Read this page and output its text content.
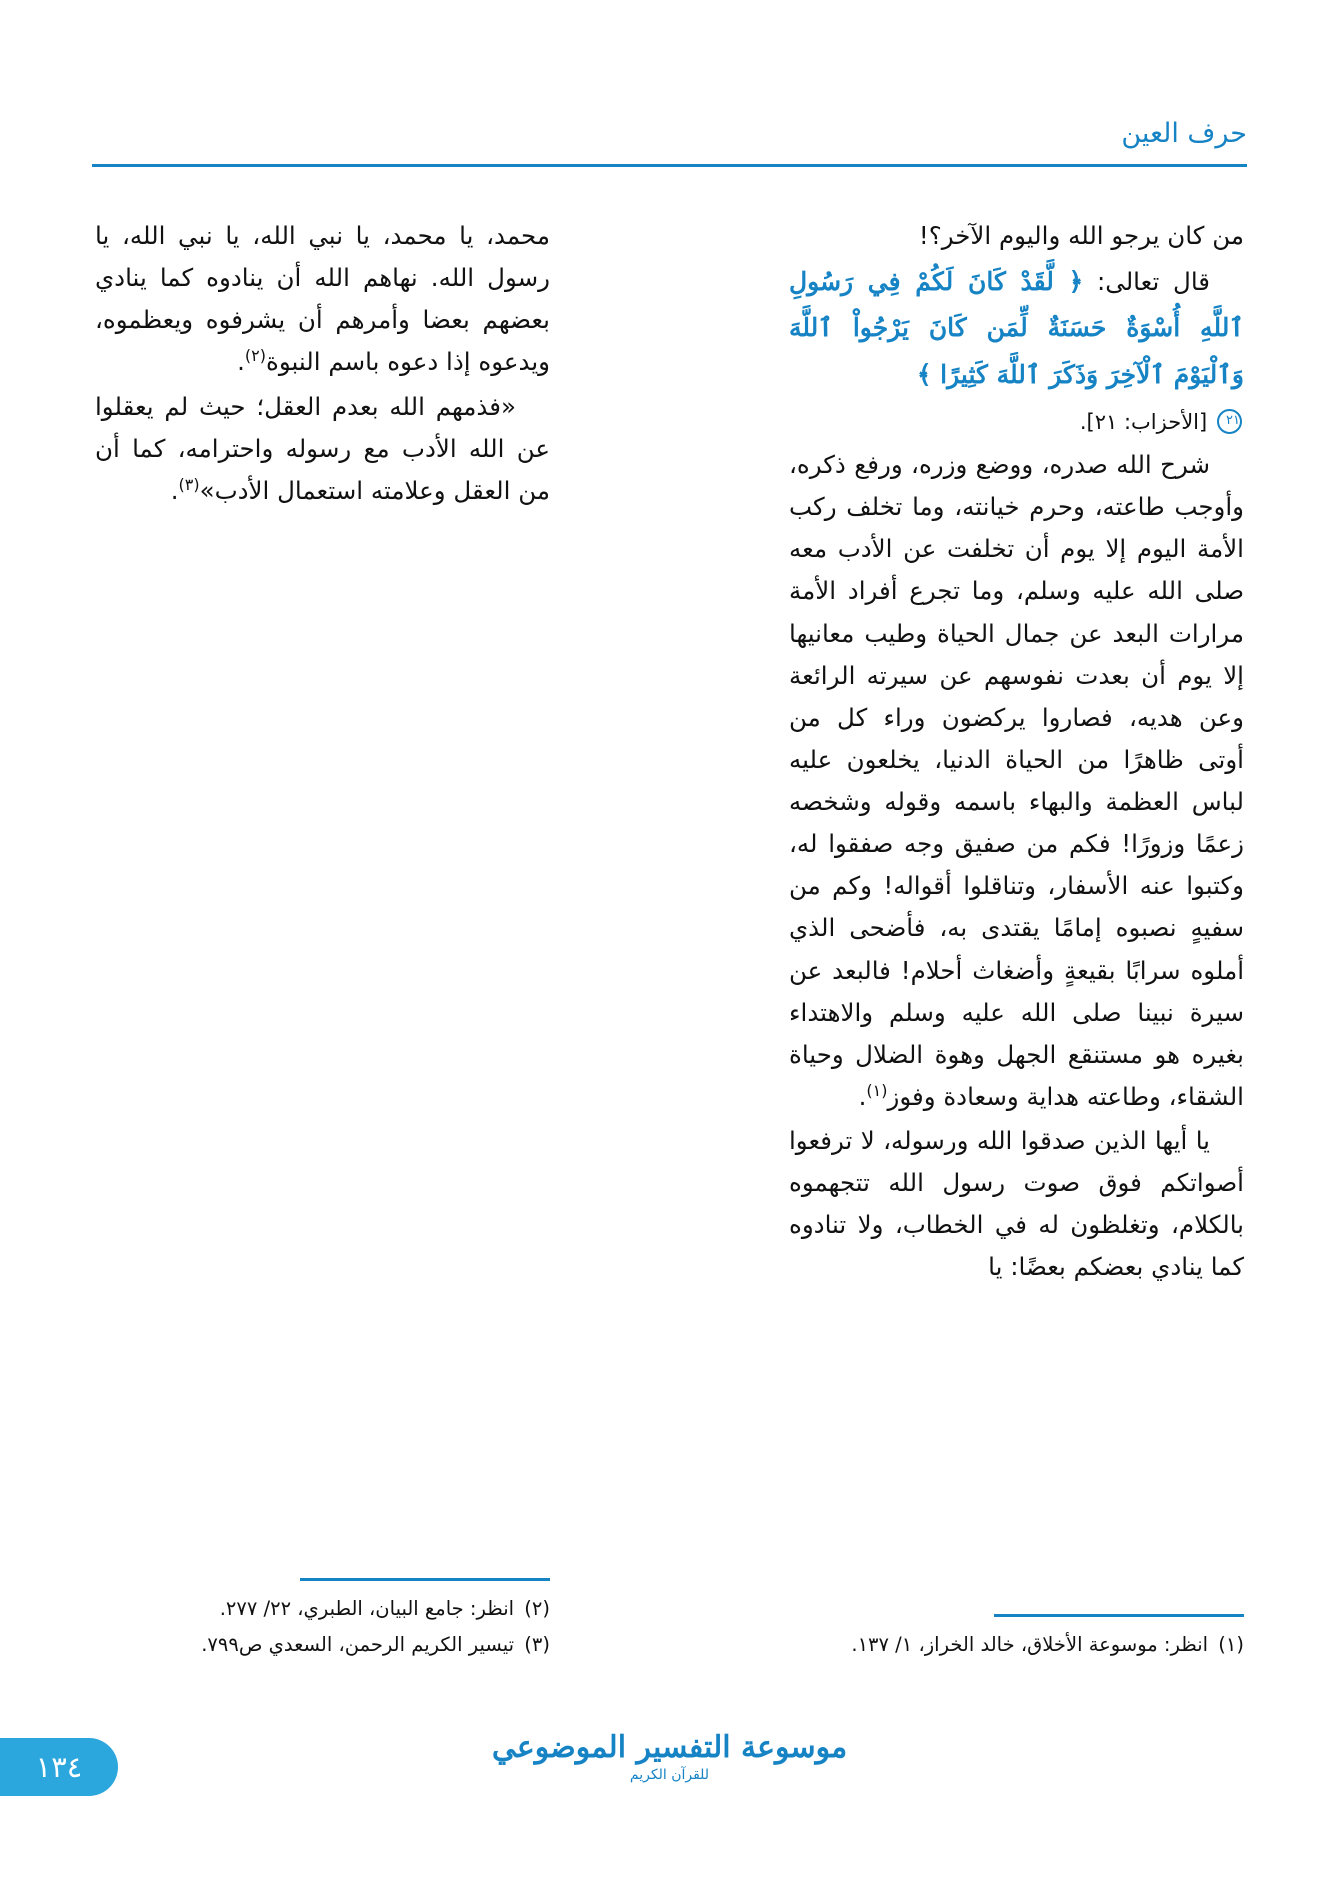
حرف العين

من كان يرجو الله واليوم الآخر؟!

قال تعالى: ﴿ لَّقَدْ كَانَ لَكُمْ فِي رَسُولِ ٱللَّهِ أُسْوَةٌ حَسَنَةٌ لِّمَن كَانَ يَرْجُواْ ٱللَّهَ وَٱلْيَوْمَ ٱلْآخِرَ وَذَكَرَ ٱللَّهَ كَثِيرًا ﴾

٢١ [الأحزاب: ٢١].

شرح الله صدره، ووضع وزره، ورفع ذكره، وأوجب طاعته، وحرم خيانته، وما تخلف ركب الأمة اليوم إلا يوم أن تخلفت عن الأدب معه صلى الله عليه وسلم، وما تجرع أفراد الأمة مرارات البعد عن جمال الحياة وطيب معانيها إلا يوم أن بعدت نفوسهم عن سيرته الرائعة وعن هديه، فصاروا يركضون وراء كل من أوتى ظاهرًا من الحياة الدنيا، يخلعون عليه لباس العظمة والبهاء باسمه وقوله وشخصه زعمًا وزورًا! فكم من صفيق وجه صفقوا له، وكتبوا عنه الأسفار، وتناقلوا أقواله! وكم من سفيهٍ نصبوه إمامًا يقتدى به، فأضحى الذي أملوه سرابًا بقيعةٍ وأضغاث أحلام! فالبعد عن سيرة نبينا صلى الله عليه وسلم والاهتداء بغيره هو مستنقع الجهل وهوة الضلال وحياة الشقاء، وطاعته هداية وسعادة وفوز$^{(١)}$.

يا أيها الذين صدقوا الله ورسوله، لا ترفعوا أصواتكم فوق صوت رسول الله تتجهموه بالكلام، وتغلظون له في الخطاب، ولا تنادوه كما ينادي بعضكم بعضًا: يا

محمد، يا محمد، يا نبي الله، يا نبي الله، يا رسول الله. نهاهم الله أن ينادوه كما ينادي بعضهم بعضا وأمرهم أن يشرفوه ويعظموه، ويدعوه إذا دعوه باسم النبوة$^{(٢)}$.

«فذمهم الله بعدم العقل؛ حيث لم يعقلوا عن الله الأدب مع رسوله واحترامه، كما أن من العقل وعلامته استعمال الأدب»$^{(٣)}$.

(١) انظر: موسوعة الأخلاق، خالد الخراز، ١/ ١٣٧.
(٢) انظر: جامع البيان، الطبري، ٢٢/ ٢٧٧.
(٣) تيسير الكريم الرحمن، السعدي ص٧٩٩.
موسوعة التفسير الموضوعي
للقرآن الكريم
١٣٤
